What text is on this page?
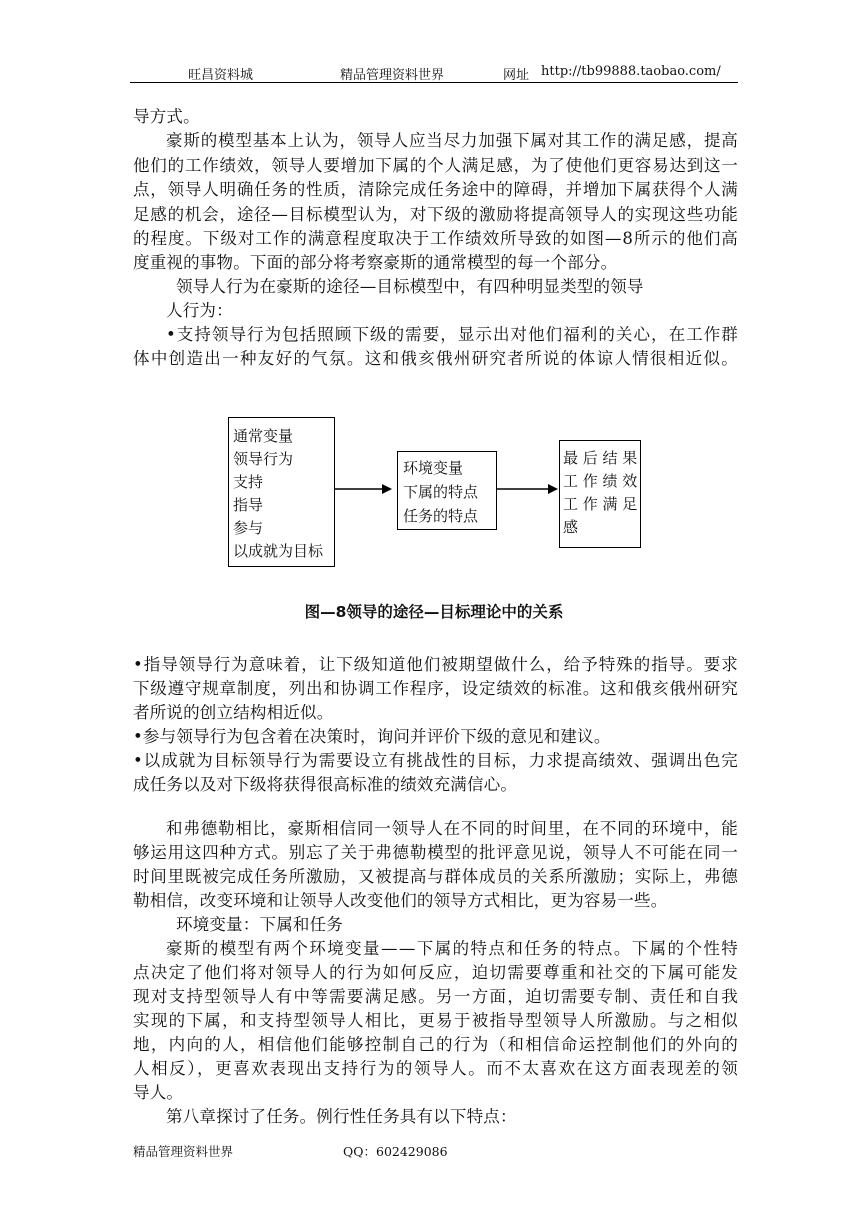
旺昌资料城	精品管理资料世界	网址 http://tb99888.taobao.com/
导方式。
豪斯的模型基本上认为，领导人应当尽力加强下属对其工作的满足感，提高
他们的工作绩效，领导人要增加下属的个人满足感，为了使他们更容易达到这一
点，领导人明确任务的性质，清除完成任务途中的障碍，并增加下属获得个人满
足感的机会，途径—目标模型认为，对下级的激励将提高领导人的实现这些功能
的程度。下级对工作的满意程度取决于工作绩效所导致的如图—8所示的他们高
度重视的事物。下面的部分将考察豪斯的通常模型的每一个部分。
领导人行为在豪斯的途径—目标模型中，有四种明显类型的领导
人行为：
•支持领导行为包括照顾下级的需要，显示出对他们福利的关心，在工作群
体中创造出一种友好的气氛。这和俄亥俄州研究者所说的体谅人情很相近似。
通常变量
领导行为
支持
指导
参与
以成就为目标
环境变量
下属的特点
任务的特点
最 后 结 果
工 作 绩 效
工 作 满 足
感
图—8领导的途径—目标理论中的关系
•指导领导行为意味着，让下级知道他们被期望做什么，给予特殊的指导。要求
下级遵守规章制度，列出和协调工作程序，设定绩效的标准。这和俄亥俄州研究
者所说的创立结构相近似。
•参与领导行为包含着在决策时，询问并评价下级的意见和建议。
•以成就为目标领导行为需要设立有挑战性的目标，力求提高绩效、强调出色完
成任务以及对下级将获得很高标准的绩效充满信心。
和弗德勒相比，豪斯相信同一领导人在不同的时间里，在不同的环境中，能
够运用这四种方式。别忘了关于弗德勒模型的批评意见说，领导人不可能在同一
时间里既被完成任务所激励，又被提高与群体成员的关系所激励；实际上，弗德
勒相信，改变环境和让领导人改变他们的领导方式相比，更为容易一些。
环境变量：下属和任务
豪斯的模型有两个环境变量——下属的特点和任务的特点。下属的个性特
点决定了他们将对领导人的行为如何反应，迫切需要尊重和社交的下属可能发
现对支持型领导人有中等需要满足感。另一方面，迫切需要专制、责任和自我
实现的下属，和支持型领导人相比，更易于被指导型领导人所激励。与之相似
地，内向的人，相信他们能够控制自己的行为（和相信命运控制他们的外向的
人相反），更喜欢表现出支持行为的领导人。而不太喜欢在这方面表现差的领
导人。
第八章探讨了任务。例行性任务具有以下特点：
精品管理资料世界	QQ：602429086
